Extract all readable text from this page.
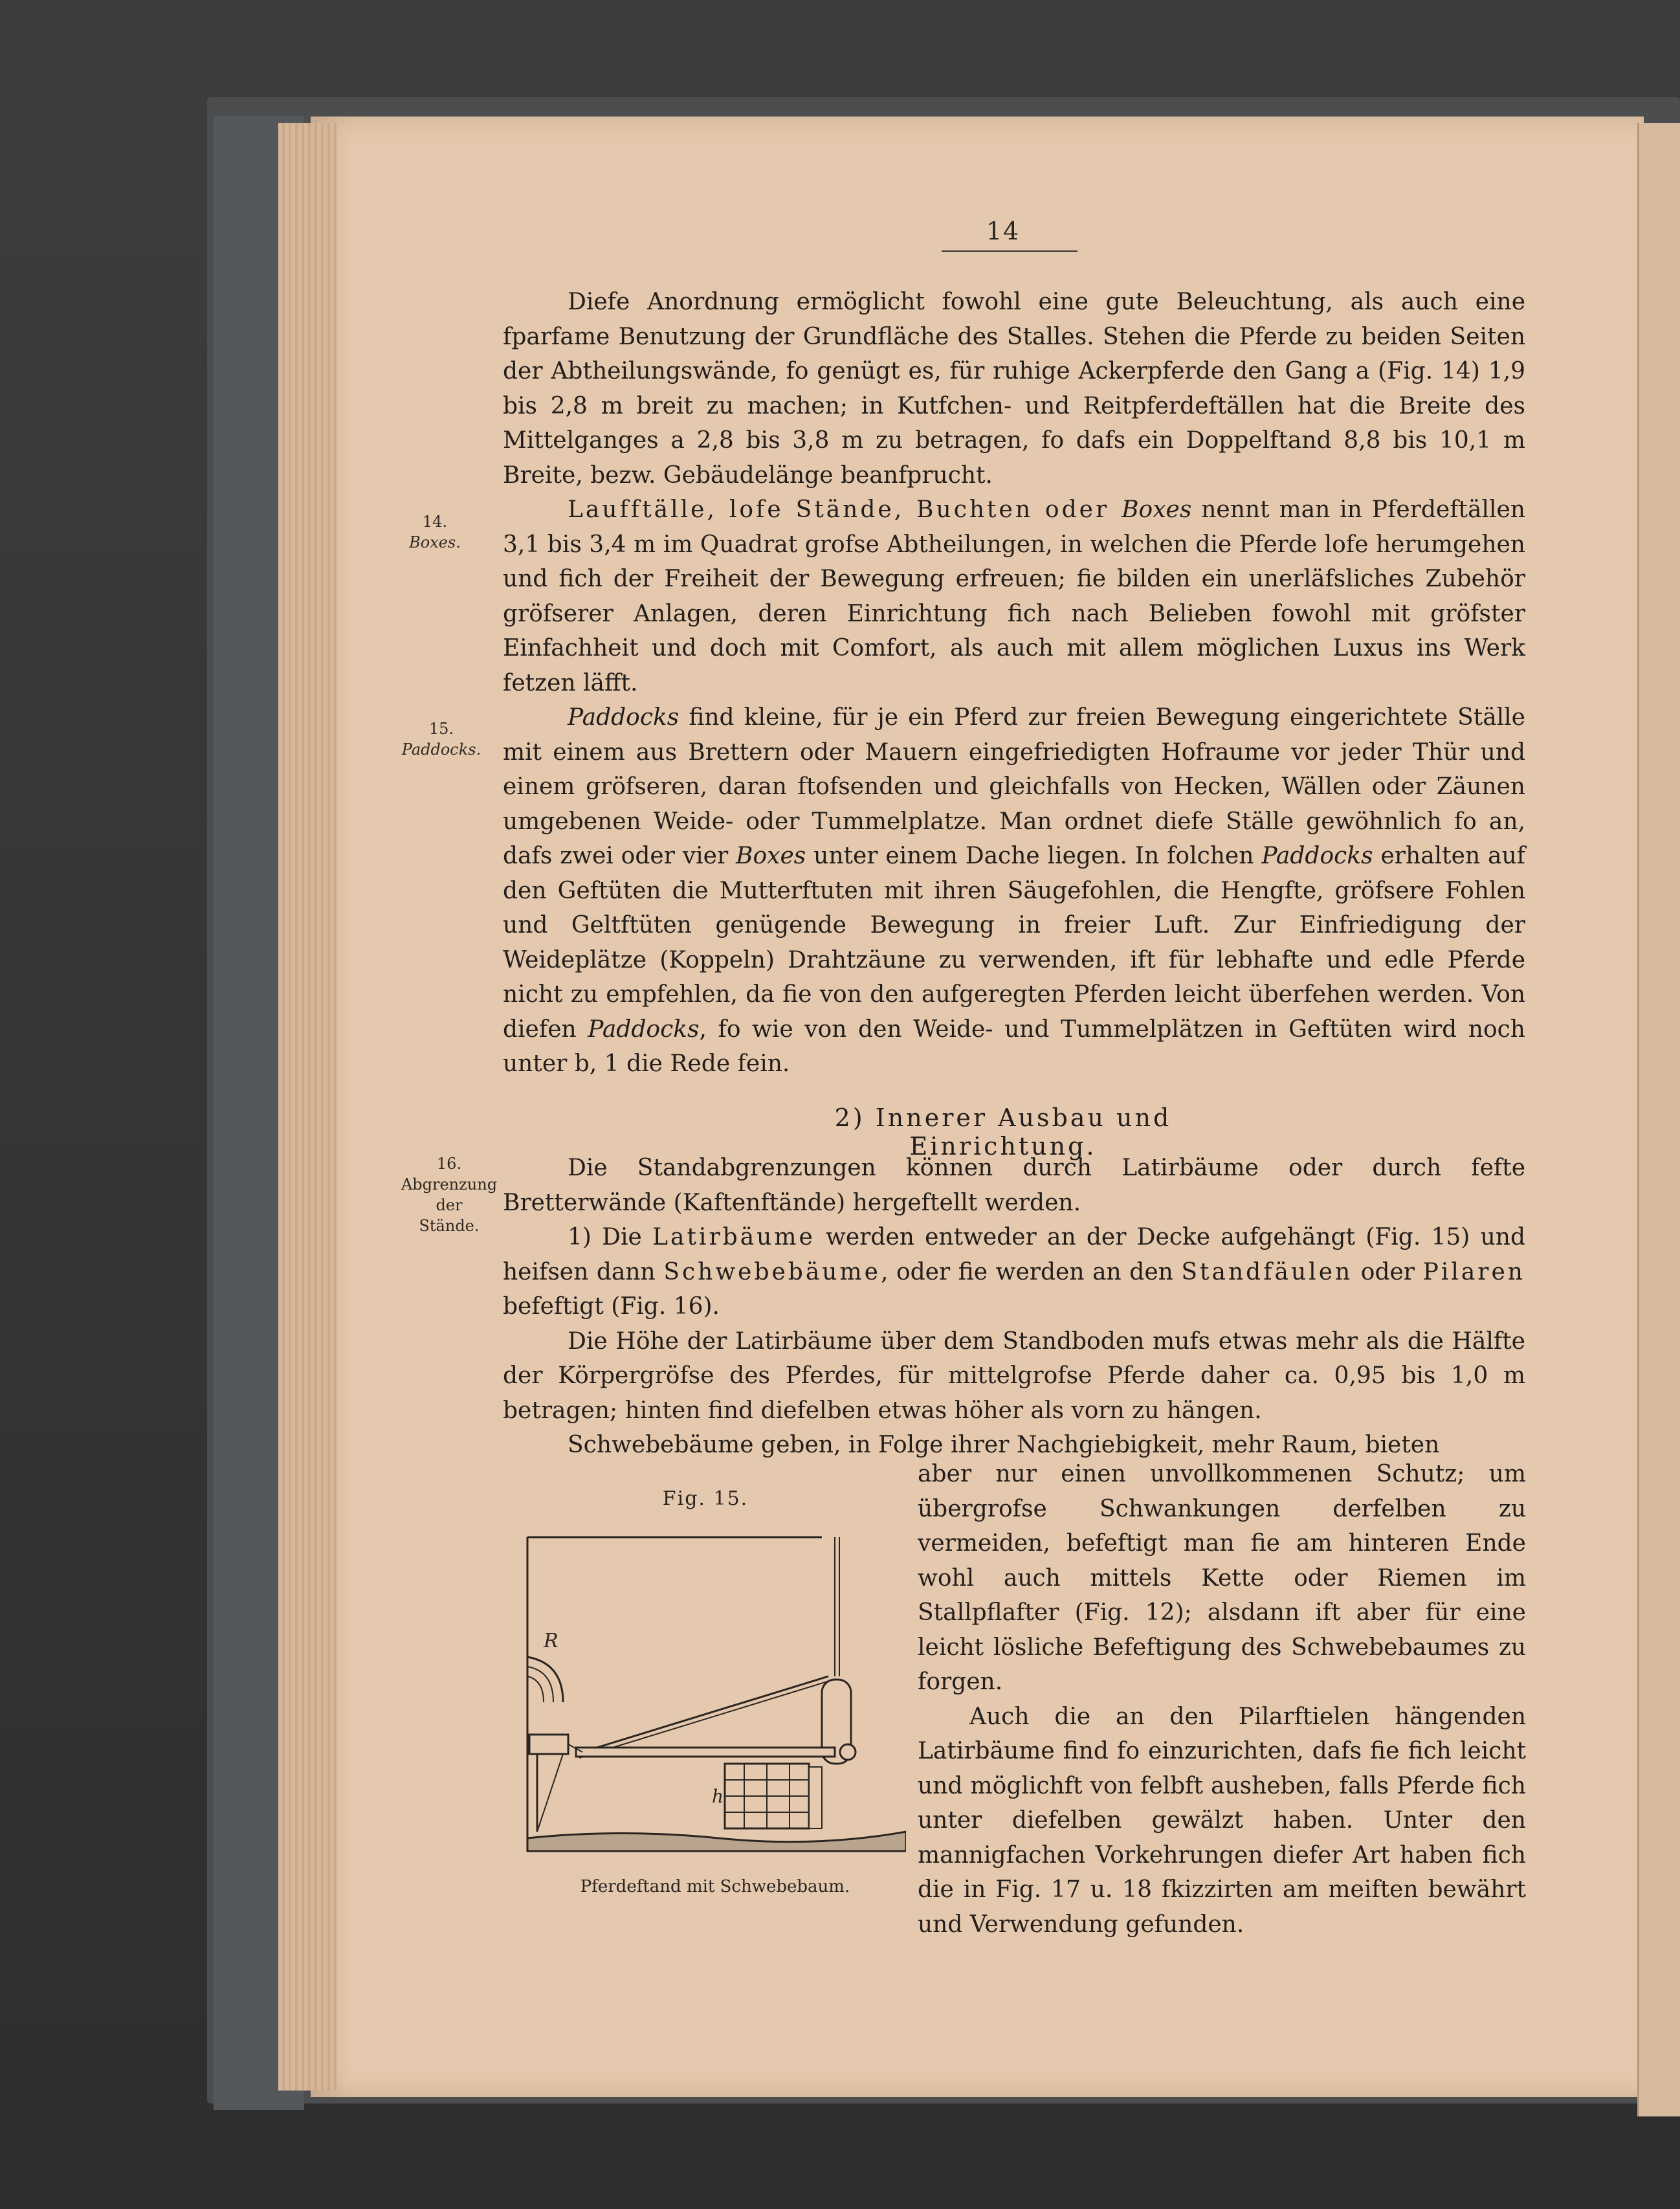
14
14.
Boxes.
15.
Paddocks.
16.
Abgrenzung
der
Stände.

Diefe Anordnung ermöglicht fowohl eine gute Beleuchtung, als auch eine fparfame Benutzung der Grundfläche des Stalles. Stehen die Pferde zu beiden Seiten der Abtheilungswände, fo genügt es, für ruhige Ackerpferde den Gang a (Fig. 14) 1,9 bis 2,8 m breit zu machen; in Kutfchen- und Reitpferdeftällen hat die Breite des Mittelganges a 2,8 bis 3,8 m zu betragen, fo dafs ein Doppelftand 8,8 bis 10,1 m Breite, bezw. Gebäudelänge beanfprucht.

Laufftälle, lofe Stände, Buchten oder Boxes nennt man in Pferdeftällen 3,1 bis 3,4 m im Quadrat grofse Abtheilungen, in welchen die Pferde lofe herumgehen und fich der Freiheit der Bewegung erfreuen; fie bilden ein unerläfsliches Zubehör gröfserer Anlagen, deren Einrichtung fich nach Belieben fowohl mit gröfster Einfachheit und doch mit Comfort, als auch mit allem möglichen Luxus ins Werk fetzen läfft.

Paddocks find kleine, für je ein Pferd zur freien Bewegung eingerichtete Ställe mit einem aus Brettern oder Mauern eingefriedigten Hofraume vor jeder Thür und einem gröfseren, daran ftofsenden und gleichfalls von Hecken, Wällen oder Zäunen umgebenen Weide- oder Tummelplatze. Man ordnet diefe Ställe gewöhnlich fo an, dafs zwei oder vier Boxes unter einem Dache liegen. In folchen Paddocks erhalten auf den Geftüten die Mutterftuten mit ihren Säugefohlen, die Hengfte, gröfsere Fohlen und Geltftüten genügende Bewegung in freier Luft. Zur Einfriedigung der Weideplätze (Koppeln) Drahtzäune zu verwenden, ift für lebhafte und edle Pferde nicht zu empfehlen, da fie von den aufgeregten Pferden leicht überfehen werden. Von diefen Paddocks, fo wie von den Weide- und Tummelplätzen in Geftüten wird noch unter b, 1 die Rede fein.

2) Innerer Ausbau und Einrichtung.

Die Standabgrenzungen können durch Latirbäume oder durch fefte Bretterwände (Kaftenftände) hergeftellt werden.

1) Die Latirbäume werden entweder an der Decke aufgehängt (Fig. 15) und heifsen dann Schwebebäume, oder fie werden an den Standfäulen oder Pilaren befeftigt (Fig. 16).

Die Höhe der Latirbäume über dem Standboden mufs etwas mehr als die Hälfte der Körpergröfse des Pferdes, für mittelgrofse Pferde daher ca. 0,95 bis 1,0 m betragen; hinten find diefelben etwas höher als vorn zu hängen.

Schwebebäume geben, in Folge ihrer Nachgiebigkeit, mehr Raum, bieten

Fig. 15.
R
h
Pferdeftand mit Schwebebaum.

aber nur einen unvollkommenen Schutz; um übergrofse Schwankungen derfelben zu vermeiden, befeftigt man fie am hinteren Ende wohl auch mittels Kette oder Riemen im Stallpflafter (Fig. 12); alsdann ift aber für eine leicht lösliche Befeftigung des Schwebebaumes zu forgen.

Auch die an den Pilarftielen hängenden Latirbäume find fo einzurichten, dafs fie fich leicht und möglichft von felbft ausheben, falls Pferde fich unter diefelben gewälzt haben. Unter den mannigfachen Vorkehrungen diefer Art haben fich die in Fig. 17 u. 18 fkizzirten am meiften bewährt und Verwendung gefunden.
